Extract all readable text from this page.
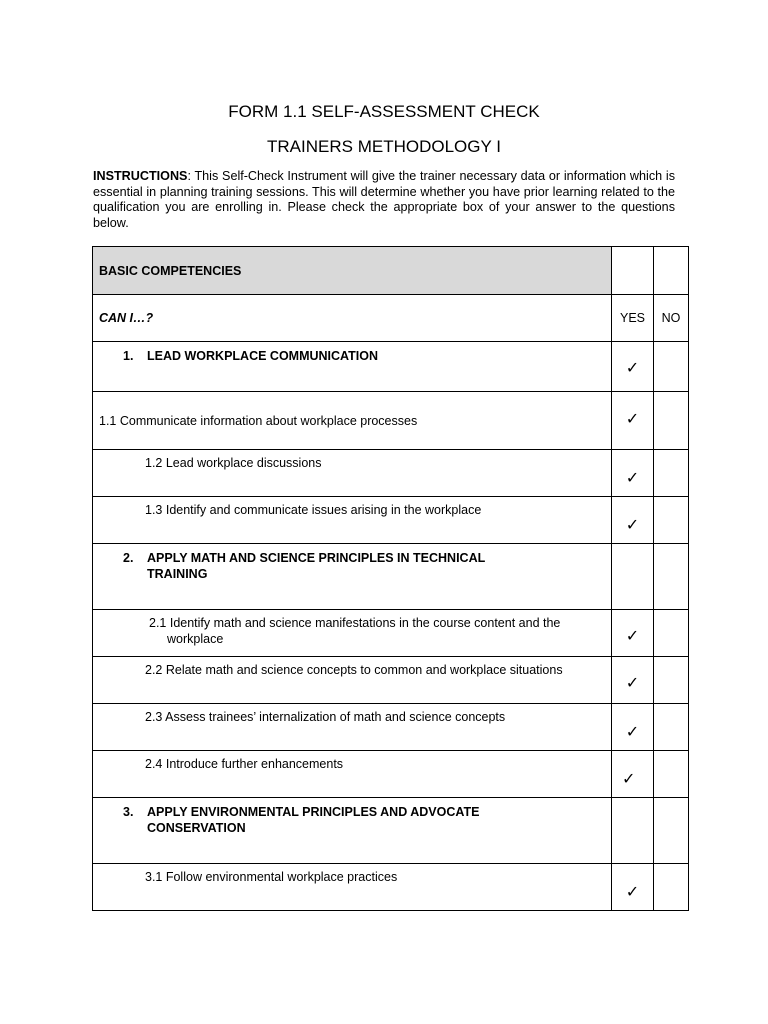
FORM 1.1 SELF-ASSESSMENT CHECK
TRAINERS METHODOLOGY I
INSTRUCTIONS: This Self-Check Instrument will give the trainer necessary data or information which is essential in planning training sessions. This will determine whether you have prior learning related to the qualification you are enrolling in. Please check the appropriate box of your answer to the questions below.
BASIC COMPETENCIES		
CAN I…?	YES	NO
1. LEAD WORKPLACE COMMUNICATION	✓	
1.1 Communicate information about workplace processes	✓	
1.2 Lead workplace discussions	✓	
1.3 Identify and communicate issues arising in the workplace	✓	

2. APPLY MATH AND SCIENCE PRINCIPLES IN TECHNICAL TRAINING		

2.1 Identify math and science manifestations in the course content and the workplace	✓	

2.2 Relate math and science concepts to common and workplace situations	✓	
2.3 Assess trainees’ internalization of math and science concepts	✓	
2.4 Introduce further enhancements	✓	

3. APPLY ENVIRONMENTAL PRINCIPLES AND ADVOCATE CONSERVATION		

3.1 Follow environmental workplace practices	✓	
